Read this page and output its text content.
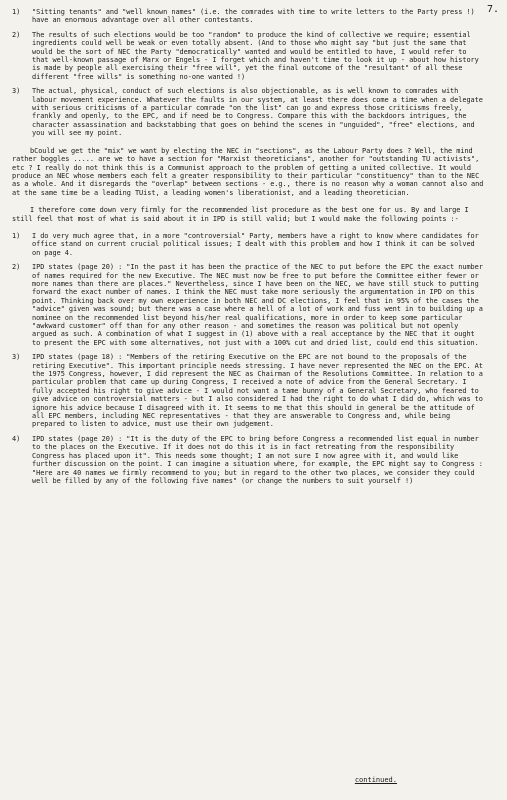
7.
1)	"Sitting tenants" and "well known names" (i.e. the comrades with time to write letters to the Party press !) have an enormous advantage over all other contestants.
2)	The results of such elections would be too "random" to produce the kind of collective we require; essential ingredients could well be weak or even totally absent. (And to those who might say "but just the same that would be the sort of NEC the Party "democratically" wanted and would be entitled to have, I would refer to that well-known passage of Marx or Engels - I forget which and haven't time to look it up - about how history is made by people all exercising their "free will", yet the final outcome of the "resultant" of all these different "free wills" is something no-one wanted !)
3)	The actual, physical, conduct of such elections is also objectionable, as is well known to comrades with labour movement experience. Whatever the faults in our system, at least there does come a time when a delegate with serious criticisms of a particular comrade "on the list" can go and express those criticisms freely, frankly and openly, to the EPC, and if need be to Congress. Compare this with the backdoors intrigues, the character assassination and backstabbing that goes on behind the scenes in "unguided", "free" elections, and you will see my point.

bCould we get the "mix" we want by electing the NEC in "sections", as the Labour Party does ? Well, the mind rather boggles ..... are we to have a section for "Marxist theoreticians", another for "outstanding TU activists", etc ? I really do not think this is a Communist approach to the problem of getting a united collective. It would produce an NEC whose members each felt a greater responsibility to their particular "constituency" than to the NEC as a whole. And it disregards the "overlap" between sections - e.g., there is no reason why a woman cannot also and at the same time be a leading TUist, a leading women's liberationist, and a leading theoretician.

I therefore come down very firmly for the recommended list procedure as the best one for us. By and large I still feel that most of what is said about it in IPD is still valid; but I would make the following points :-

1)	I do very much agree that, in a more "controversial" Party, members have a right to know where candidates for office stand on current crucial political issues; I dealt with this problem and how I think it can be solved on page 4.
2)	IPD states (page 20) : "In the past it has been the practice of the NEC to put before the EPC the exact number of names required for the new Executive. The NEC must now be free to put before the Committee either fewer or more names than there are places." Nevertheless, since I have been on the NEC, we have still stuck to putting forward the exact number of names. I think the NEC must take more seriously the argumentation in IPD on this point. Thinking back over my own experience in both NEC and DC elections, I feel that in 95% of the cases the "advice" given was sound; but there was a case where a hell of a lot of work and fuss went in to building up a nominee on the recommended list beyond his/her real qualifications, more in order to keep some particular "awkward customer" off than for any other reason - and sometimes the reason was political but not openly argued as such. A combination of what I suggest in (1) above with a real acceptance by the NEC that it ought to present the EPC with some alternatives, not just with a 100% cut and dried list, could end this situation.
3)	IPD states (page 18) : "Members of the retiring Executive on the EPC are not bound to the proposals of the retiring Executive". This important principle needs stressing. I have never represented the NEC on the EPC. At the 1975 Congress, however, I did represent the NEC as Chairman of the Resolutions Committee. In relation to a particular problem that came up during Congress, I received a note of advice from the General Secretary. I fully accepted his right to give advice - I would not want a tame bunny of a General Secretary, who feared to give advice on controversial matters - but I also considered I had the right to do what I did do, which was to ignore his advice because I disagreed with it. It seems to me that this should in general be the attitude of all EPC members, including NEC representatives - that they are answerable to Congress and, while being prepared to listen to advice, must use their own judgement.
4)	IPD states (page 20) : "It is the duty of the EPC to bring before Congress a recommended list equal in number to the places on the Executive. If it does not do this it is in fact retreating from the responsibility Congress has placed upon it". This needs some thought; I am not sure I now agree with it, and would like further discussion on the point. I can imagine a situation where, for example, the EPC might say to Congress : "Here are 40 names we firmly recommend to you; but in regard to the other two places, we consider they could well be filled by any of the following five names" (or change the numbers to suit yourself !)
continued.
